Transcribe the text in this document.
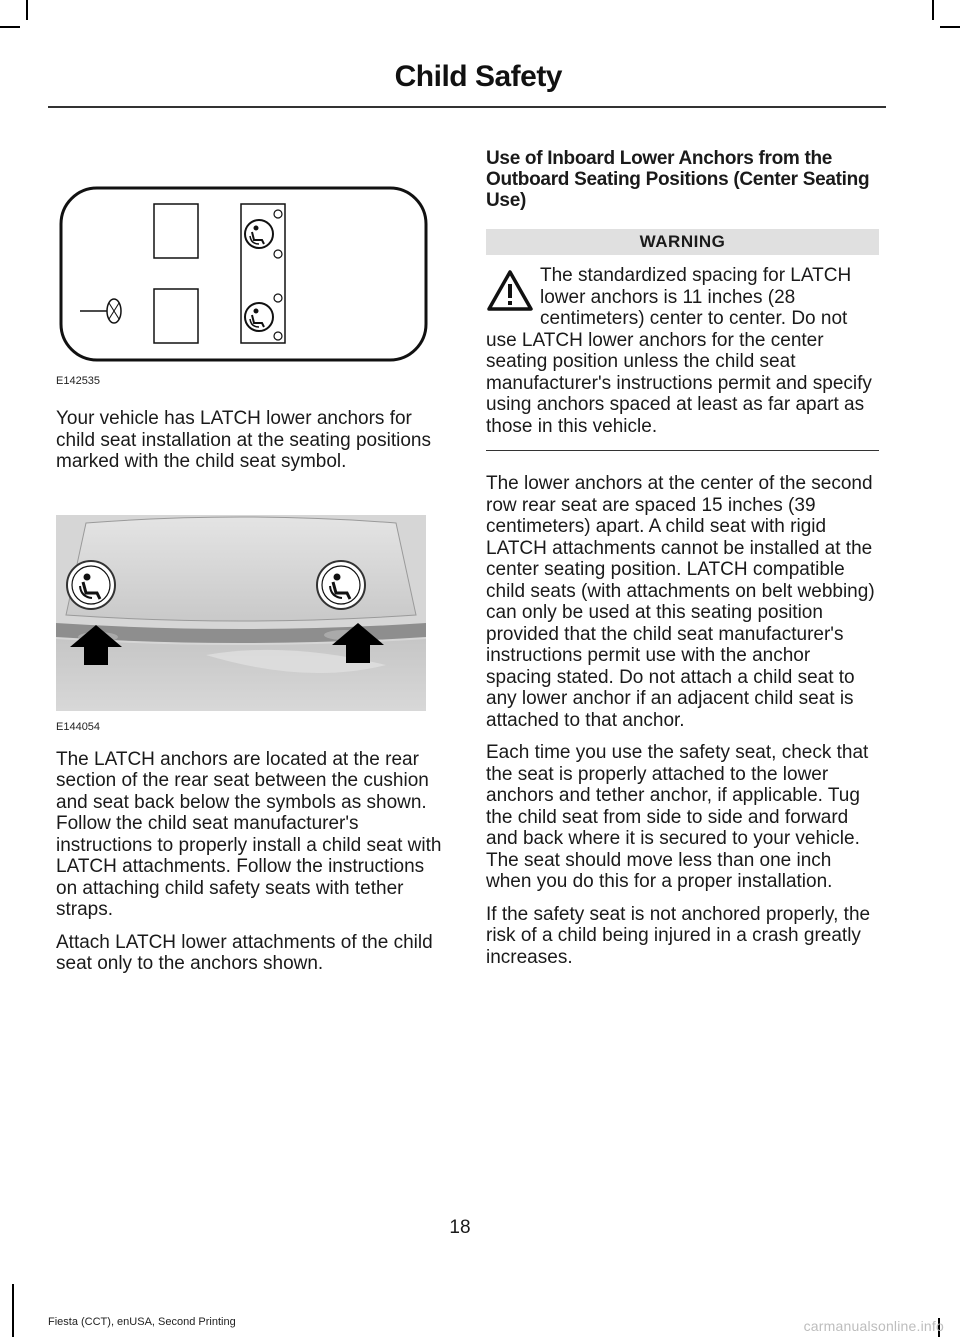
Child Safety
E142535

Your vehicle has LATCH lower anchors for child seat installation at the seating positions marked with the child seat symbol.

E144054

The LATCH anchors are located at the rear section of the rear seat between the cushion and seat back below the symbols as shown. Follow the child seat manufacturer's instructions to properly install a child seat with LATCH attachments. Follow the instructions on attaching child safety seats with tether straps.

Attach LATCH lower attachments of the child seat only to the anchors shown.

Use of Inboard Lower Anchors from the Outboard Seating Positions (Center Seating Use)
WARNING
The standardized spacing for LATCH lower anchors is 11 inches (28 centimeters) center to center. Do not use LATCH lower anchors for the center seating position unless the child seat manufacturer's instructions permit and specify using anchors spaced at least as far apart as those in this vehicle.

The lower anchors at the center of the second row rear seat are spaced 15 inches (39 centimeters) apart. A child seat with rigid LATCH attachments cannot be installed at the center seating position. LATCH compatible child seats (with attachments on belt webbing) can only be used at this seating position provided that the child seat manufacturer's instructions permit use with the anchor spacing stated. Do not attach a child seat to any lower anchor if an adjacent child seat is attached to that anchor.

Each time you use the safety seat, check that the seat is properly attached to the lower anchors and tether anchor, if applicable. Tug the child seat from side to side and forward and back where it is secured to your vehicle. The seat should move less than one inch when you do this for a proper installation.

If the safety seat is not anchored properly, the risk of a child being injured in a crash greatly increases.

18
Fiesta (CCT), enUSA, Second Printing	carmanualsonline.info
